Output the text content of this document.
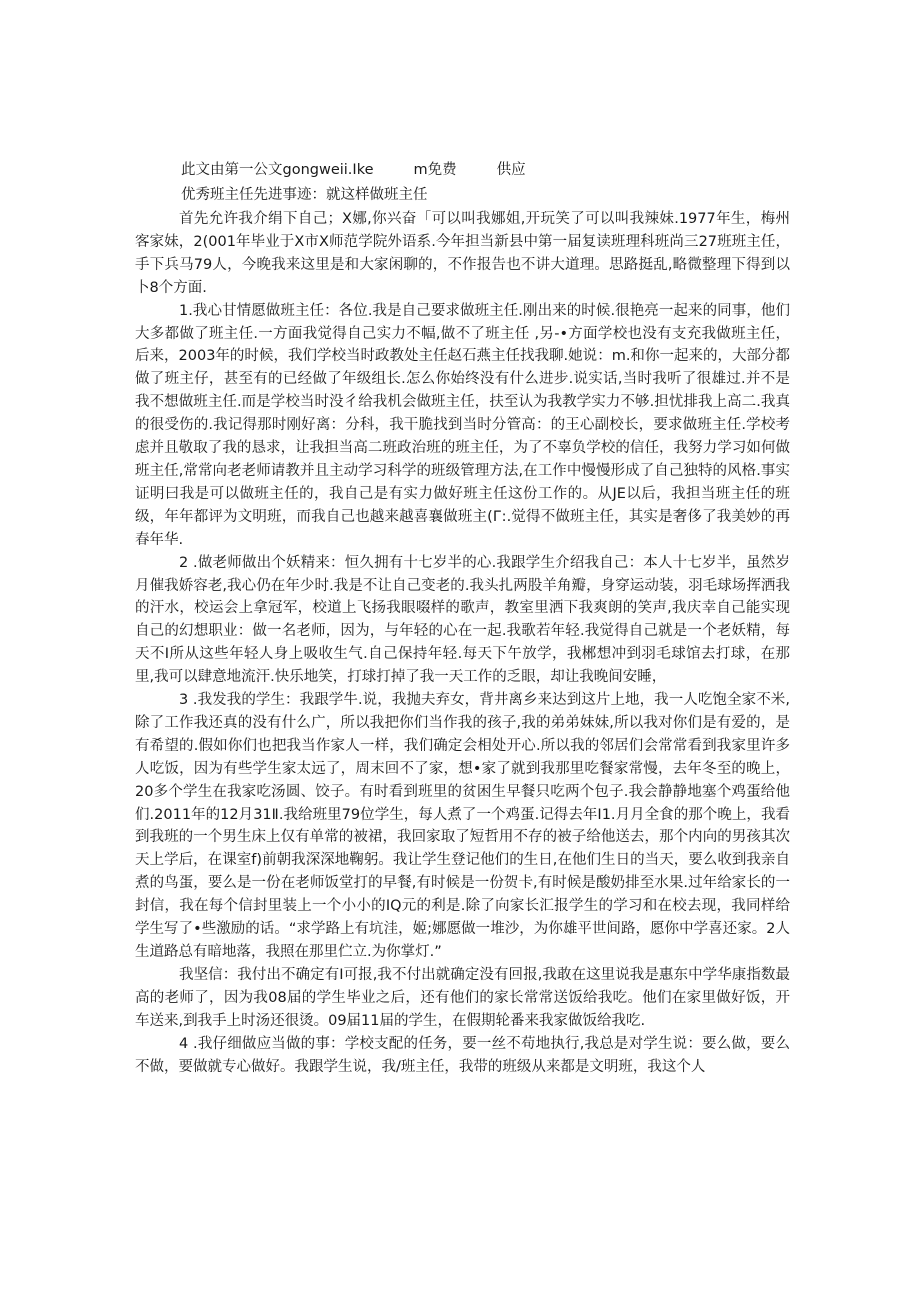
此文由第一公文gongweii.Ike	m免费	供应
优秀班主任先进事迹：就这样做班主任

首先允许我介绢下自己；X娜,你兴奋「可以叫我娜姐,开玩笑了可以叫我辣妹.1977年生，梅州客家妹，2(001年毕业于X市X师范学院外语系.今年担当新县中第一届复读班理科班尚三27班班主任，手下兵马79人，今晚我来这里是和大家闲聊的，不作报告也不讲大道理。思路挺乱,略微整理下得到以卜8个方面.

1.我心甘情愿做班主任：各位.我是自己要求做班主任.刚出来的时候.很艳亮一起来的同事，他们大多都做了班主任.一方面我觉得自己实力不幅,做不了班主任 ,另-•方面学校也没有支充我做班主任，后来，2003年的时候，我们学校当时政教处主任赵石燕主任找我聊.她说：m.和你一起来的，大部分都做了班主仔，甚至有的已经做了年级组长.怎么你始终没有什么进步.说实话,当时我听了很雄过.并不是我不想做班主任.而是学校当时没彳给我机会做班主任，扶至认为我教学实力不够.担忧排我上高二.我真的很受伤的.我记得那时刚好离：分科，我干脆找到当时分管高：的王心副校长，要求做班主任.学校考虑并且敬取了我的恳求，让我担当高二班政治班的班主任，为了不辜负学校的信任，我努力学习如何做班主任,常常向老老师请教并且主动学习科学的班级管理方法,在工作中慢慢形成了自己独特的风格.事实证明曰我是可以做班主任的，我自己是有实力做好班主任这份工作的。从JE以后，我担当班主任的班级，年年都评为文明班，而我自己也越来越喜襄做班主(Г:.觉得不做班主任，其实是奢侈了我美妙的再春年华.

2 .做老师做出个妖精来：恒久拥有十七岁半的心.我跟学生介绍我自己：本人十七岁半，虽然岁月催我娇容老,我心仍在年少时.我是不让自己变老的.我头扎两股羊角瓣，身穿运动装，羽毛球场挥洒我的汗水，校运会上拿冠军，校道上飞扬我眼啜样的歌声，教室里洒下我爽朗的笑声,我庆幸自己能实现自己的幻想职业：做一名老师，因为，与年轻的心在一起.我歌若年轻.我觉得自己就是一个老妖精，每天不I所从这些年轻人身上吸收生气.自己保持年轻.每天下午放学，我郴想冲到羽毛球馆去打球，在那里,我可以肆意地流汗.快乐地笑，打球打掉了我一天工作的乏眼，却让我晚间安睡，

3 .我发我的学生：我跟学牛.说，我抛夫弃女，背井离乡来达到这片上地，我一人吃饱全家不米,除了工作我还真的没有什么广，所以我把你们当作我的孩子,我的弟弟妹妹,所以我对你们是有爱的，是有希望的.假如你们也把我当作家人一样，我们确定会相处开心.所以我的邻居们会常常看到我家里许多人吃饭，因为有些学生家太远了，周末回不了家，想•家了就到我那里吃餐家常慢，去年冬至的晚上，20多个学生在我家吃汤圆、饺子。有时看到班里的贫困生早餐只吃两个包子.我会静静地塞个鸡蛋给他们.2011年的12月31Ⅱ.我给班里79位学生，每人煮了一个鸡蛋.记得去年I1.月月全食的那个晚上，我看到我班的一个男生床上仅有单常的被裙，我回家取了短哲用不存的被子给他送去，那个内向的男孩其次天上学后，在课室f)前朝我深深地鞠躬。我让学生登记他们的生日,在他们生日的当天，要么收到我亲自煮的鸟蛋，要么是一份在老师饭堂打的早餐,有时候是一份贺卡,有时候是酸奶排至水果.过年给家长的一封信，我在每个信封里装上一个小小的IQ元的利是.除了向家长汇报学生的学习和在校去现，我同样给学生写了•些激励的话。“求学路上有坑洼，姬;娜愿做一堆沙，为你雄平世间路，愿你中学喜还家。2人生道路总有暗地落，我照在那里伫立.为你掌灯.”

我坚信：我付出不确定有I可报,我不付出就确定没有回报,我敢在这里说我是惠东中学华康指数最高的老师了，因为我08届的学生毕业之后，还有他们的家长常常送饭给我吃。他们在家里做好饭，开车送来,到我手上时汤还很烫。09届11届的学生，在假期轮番来我家做饭给我吃.

4 .我仔细做应当做的事：学校支配的任务，要一丝不苟地执行,我总是对学生说：要么做，要么不做，要做就专心做好。我跟学生说，我/班主任，我带的班级从来都是文明班，我这个人
